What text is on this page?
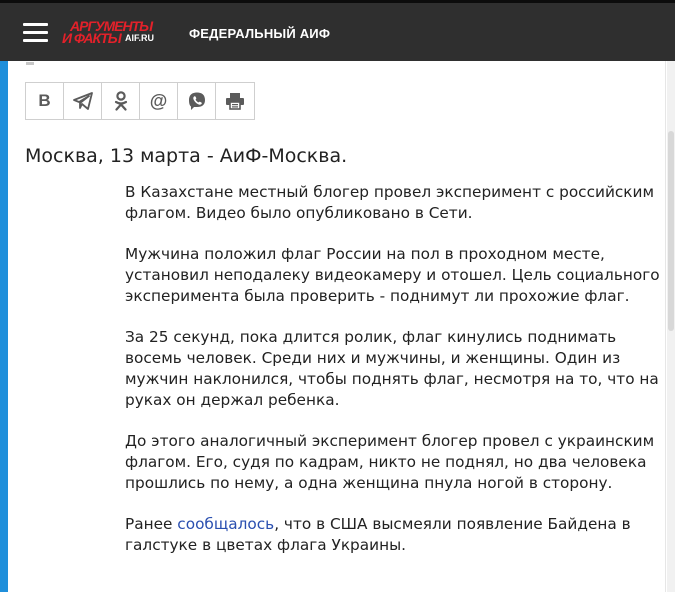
АРГУМЕНТЫ
И ФАКТЫ AIF.RU	ФЕДЕРАЛЬНЫЙ АИФ
В	@
Москва, 13 марта - АиФ-Москва.

В Казахстане местный блогер провел эксперимент с российским флагом. Видео было опубликовано в Сети.

Мужчина положил флаг России на пол в проходном месте, установил неподалеку видеокамеру и отошел. Цель социального эксперимента была проверить - поднимут ли прохожие флаг.

За 25 секунд, пока длится ролик, флаг кинулись поднимать восемь человек. Среди них и мужчины, и женщины. Один из мужчин наклонился, чтобы поднять флаг, несмотря на то, что на руках он держал ребенка.

До этого аналогичный эксперимент блогер провел с украинским флагом. Его, судя по кадрам, никто не поднял, но два человека прошлись по нему, а одна женщина пнула ногой в сторону.

Ранее сообщалось, что в США высмеяли появление Байдена в галстуке в цветах флага Украины.
